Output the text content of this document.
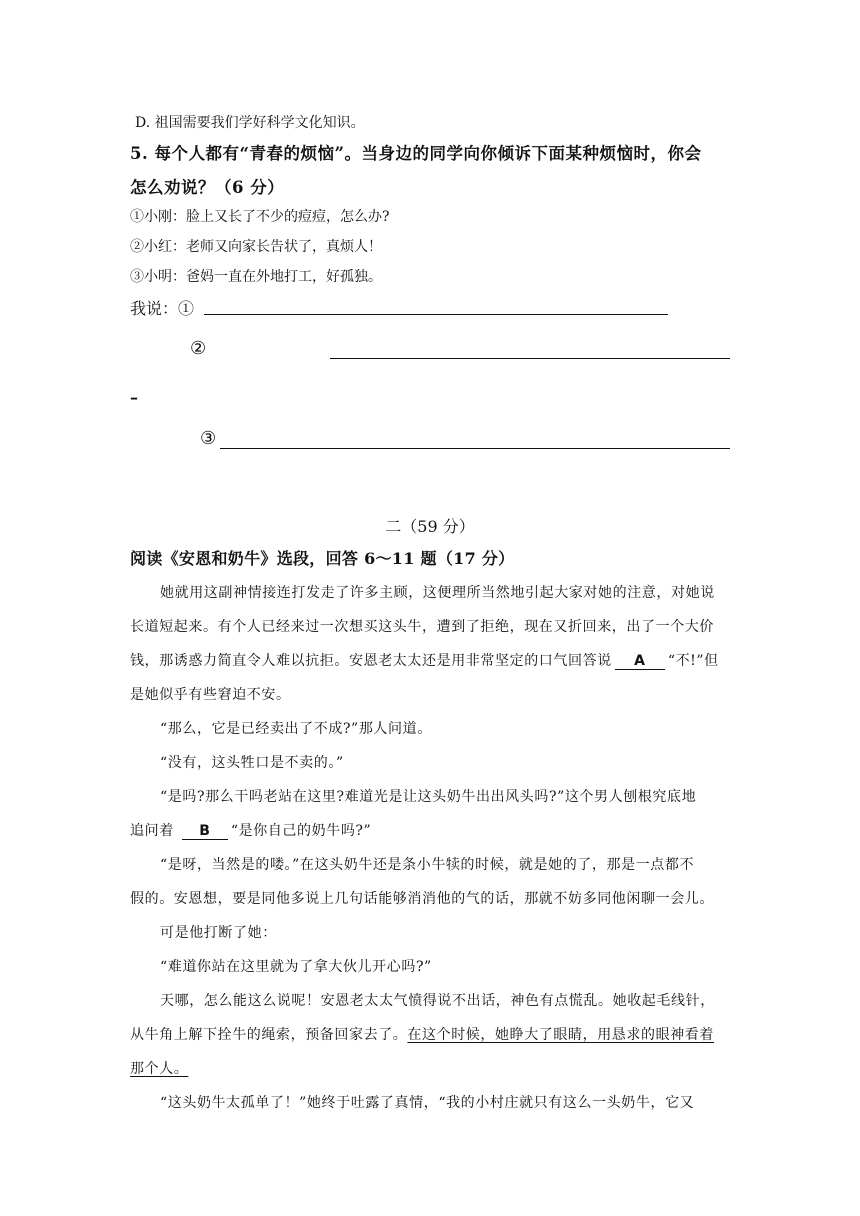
D. 祖国需要我们学好科学文化知识。
5. 每个人都有“青春的烦恼”。当身边的同学向你倾诉下面某种烦恼时，你会
怎么劝说？（6 分）
①小刚：脸上又长了不少的痘痘，怎么办?
②小红：老师又向家长告状了，真烦人！
③小明：爸妈一直在外地打工，好孤独。
我说：①
②
–
③
二（59 分）
阅读《安恩和奶牛》选段，回答 6～11 题（17 分）
她就用这副神情接连打发走了许多主顾，这便理所当然地引起大家对她的注意，对她说
长道短起来。有个人已经来过一次想买这头牛，遭到了拒绝，现在又折回来，出了一个大价
钱，那诱惑力简直令人难以抗拒。安恩老太太还是用非常坚定的口气回答说 A “不!”但
是她似乎有些窘迫不安。
“那么，它是已经卖出了不成?”那人问道。
“没有，这头牲口是不卖的。”
“是吗?那么干吗老站在这里?难道光是让这头奶牛出出风头吗?”这个男人刨根究底地
追问着 B “是你自己的奶牛吗?”
“是呀，当然是的喽。”在这头奶牛还是条小牛犊的时候，就是她的了，那是一点都不
假的。安恩想，要是同他多说上几句话能够消消他的气的话，那就不妨多同他闲聊一会儿。
可是他打断了她：
“难道你站在这里就为了拿大伙儿开心吗?”
天哪，怎么能这么说呢！安恩老太太气愤得说不出话，神色有点慌乱。她收起毛线针，
从牛角上解下拴牛的绳索，预备回家去了。在这个时候，她睁大了眼睛，用恳求的眼神看着
那个人。
“这头奶牛太孤单了！”她终于吐露了真情，“我的小村庄就只有这么一头奶牛，它又
